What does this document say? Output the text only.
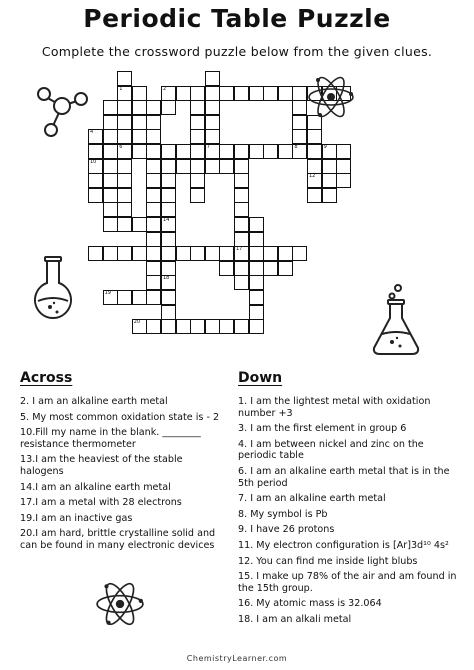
Periodic Table Puzzle
Complete the crossword puzzle below from the given clues.
2
14
7
17
19
20
4
10
1
6
18
8
12
9
Across
2. I am an alkaline earth metal
5. My most common oxidation state is - 2
10.Fill my name in the blank. ________ resistance thermometer
13.I am the heaviest of the stable halogens
14.I am an alkaline earth metal
17.I am a metal with 28 electrons
19.I am an inactive gas
20.I am hard, brittle crystalline solid and can be found in many electronic devices
Down
1. I am the lightest metal with oxidation number +3
3. I am the first element in group 6
4. I am between nickel and zinc on the periodic table
6. I am an alkaline earth metal that is in the 5th period
7. I am an alkaline earth metal
8. My symbol is Pb
9. I have 26 protons
11. My electron configuration is [Ar]3d¹⁰ 4s²
12. You can find me inside light blubs
15. I make up 78% of the air and am found in the 15th group.
16. My atomic mass is 32.064
18. I am an alkali metal
ChemistryLearner.com
